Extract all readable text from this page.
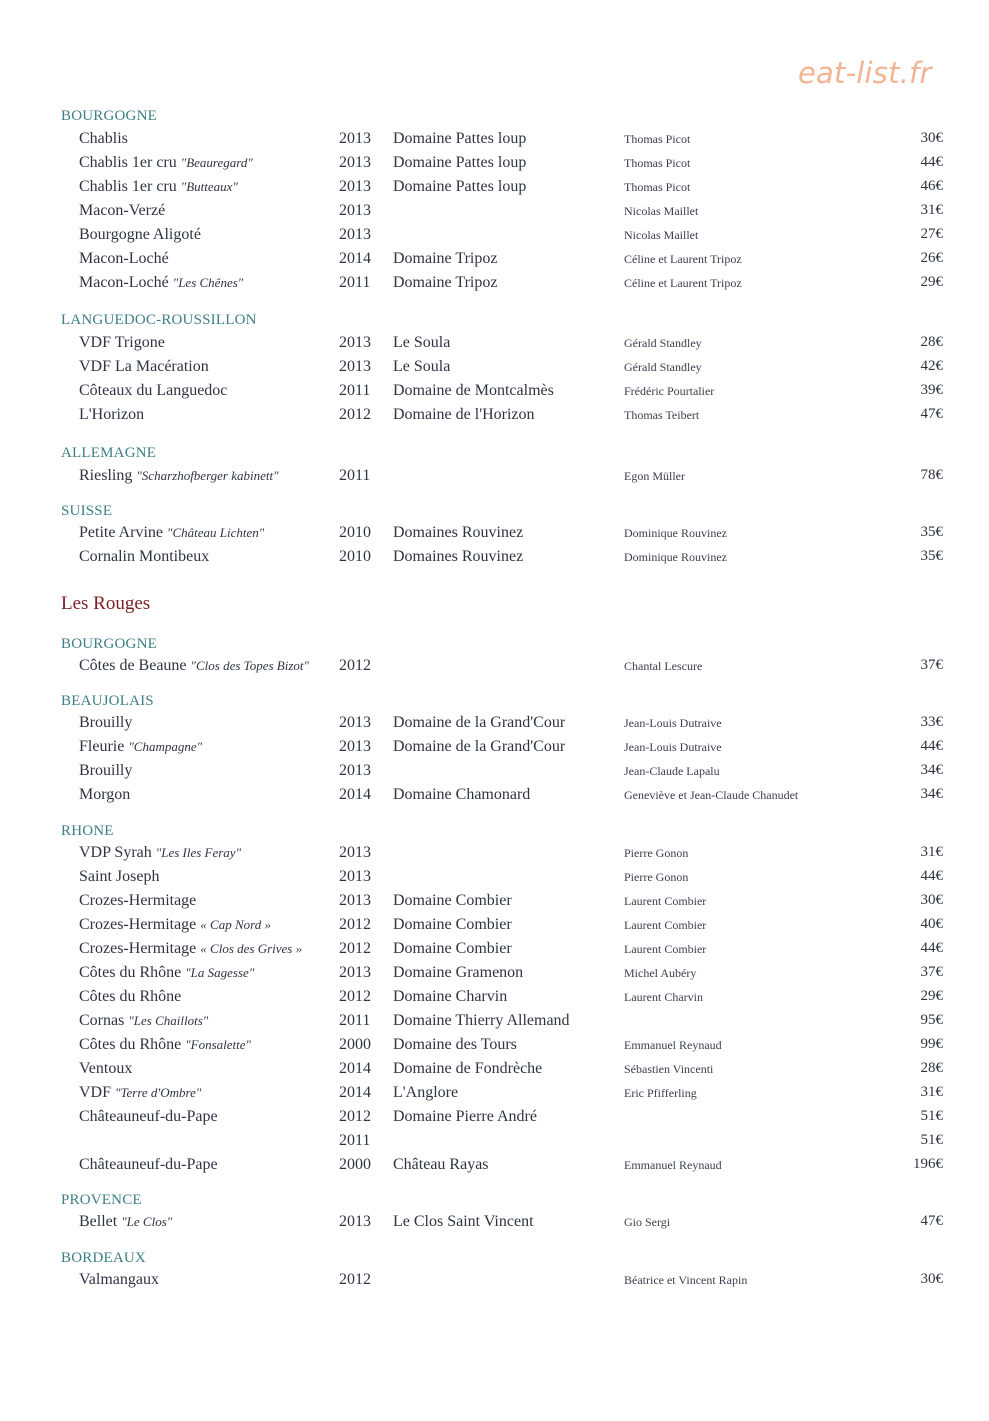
eat-list.fr
BOURGOGNE
Chablis	2013 Domaine Pattes loup	Thomas Picot	30€
Chablis 1er cru "Beauregard"	2013 Domaine Pattes loup	Thomas Picot	44€
Chablis 1er cru "Butteaux"	2013 Domaine Pattes loup	Thomas Picot	46€
Macon-Verzé	2013	Nicolas Maillet	31€
Bourgogne Aligoté	2013	Nicolas Maillet	27€
Macon-Loché	2014 Domaine Tripoz	Céline et Laurent Tripoz	26€
Macon-Loché "Les Chênes"	2011 Domaine Tripoz	Céline et Laurent Tripoz	29€
LANGUEDOC-ROUSSILLON
VDF Trigone	2013 Le Soula	Gérald Standley	28€
VDF La Macération	2013 Le Soula	Gérald Standley	42€
Côteaux du Languedoc	2011 Domaine de Montcalmès	Frédéric Pourtalier	39€
L'Horizon	2012 Domaine de l'Horizon	Thomas Teibert	47€
ALLEMAGNE
Riesling "Scharzhofberger kabinett"	2011	Egon Müller	78€
SUISSE
Petite Arvine "Château Lichten"	2010 Domaines Rouvinez	Dominique Rouvinez	35€
Cornalin Montibeux	2010 Domaines Rouvinez	Dominique Rouvinez	35€
Les Rouges
BOURGOGNE
Côtes de Beaune "Clos des Topes Bizot" 2012	Chantal Lescure	37€
BEAUJOLAIS
Brouilly	2013 Domaine de la Grand'Cour	Jean-Louis Dutraive	33€
Fleurie "Champagne"	2013 Domaine de la Grand'Cour	Jean-Louis Dutraive	44€
Brouilly	2013	Jean-Claude Lapalu	34€
Morgon	2014 Domaine Chamonard	Geneviève et Jean-Claude Chanudet	34€
RHONE
VDP Syrah "Les Iles Feray"	2013	Pierre Gonon	31€
Saint Joseph	2013	Pierre Gonon	44€
Crozes-Hermitage	2013 Domaine Combier	Laurent Combier	30€
Crozes-Hermitage « Cap Nord »	2012 Domaine Combier	Laurent Combier	40€
Crozes-Hermitage « Clos des Grives » 2012 Domaine Combier	Laurent Combier	44€
Côtes du Rhône "La Sagesse"	2013 Domaine Gramenon	Michel Aubéry	37€
Côtes du Rhône	2012 Domaine Charvin	Laurent Charvin	29€
Cornas "Les Chaillots"	2011 Domaine Thierry Allemand	95€
Côtes du Rhône "Fonsalette"	2000 Domaine des Tours	Emmanuel Reynaud	99€
Ventoux	2014 Domaine de Fondrèche	Sébastien Vincenti	28€
VDF "Terre d'Ombre"	2014 L'Anglore	Eric Pfifferling	31€
Châteauneuf-du-Pape	2012 Domaine Pierre André	51€
2011	51€
Châteauneuf-du-Pape	2000 Château Rayas	Emmanuel Reynaud	196€
PROVENCE
Bellet "Le Clos"	2013 Le Clos Saint Vincent	Gio Sergi	47€
BORDEAUX
Valmangaux	2012	Béatrice et Vincent Rapin	30€
